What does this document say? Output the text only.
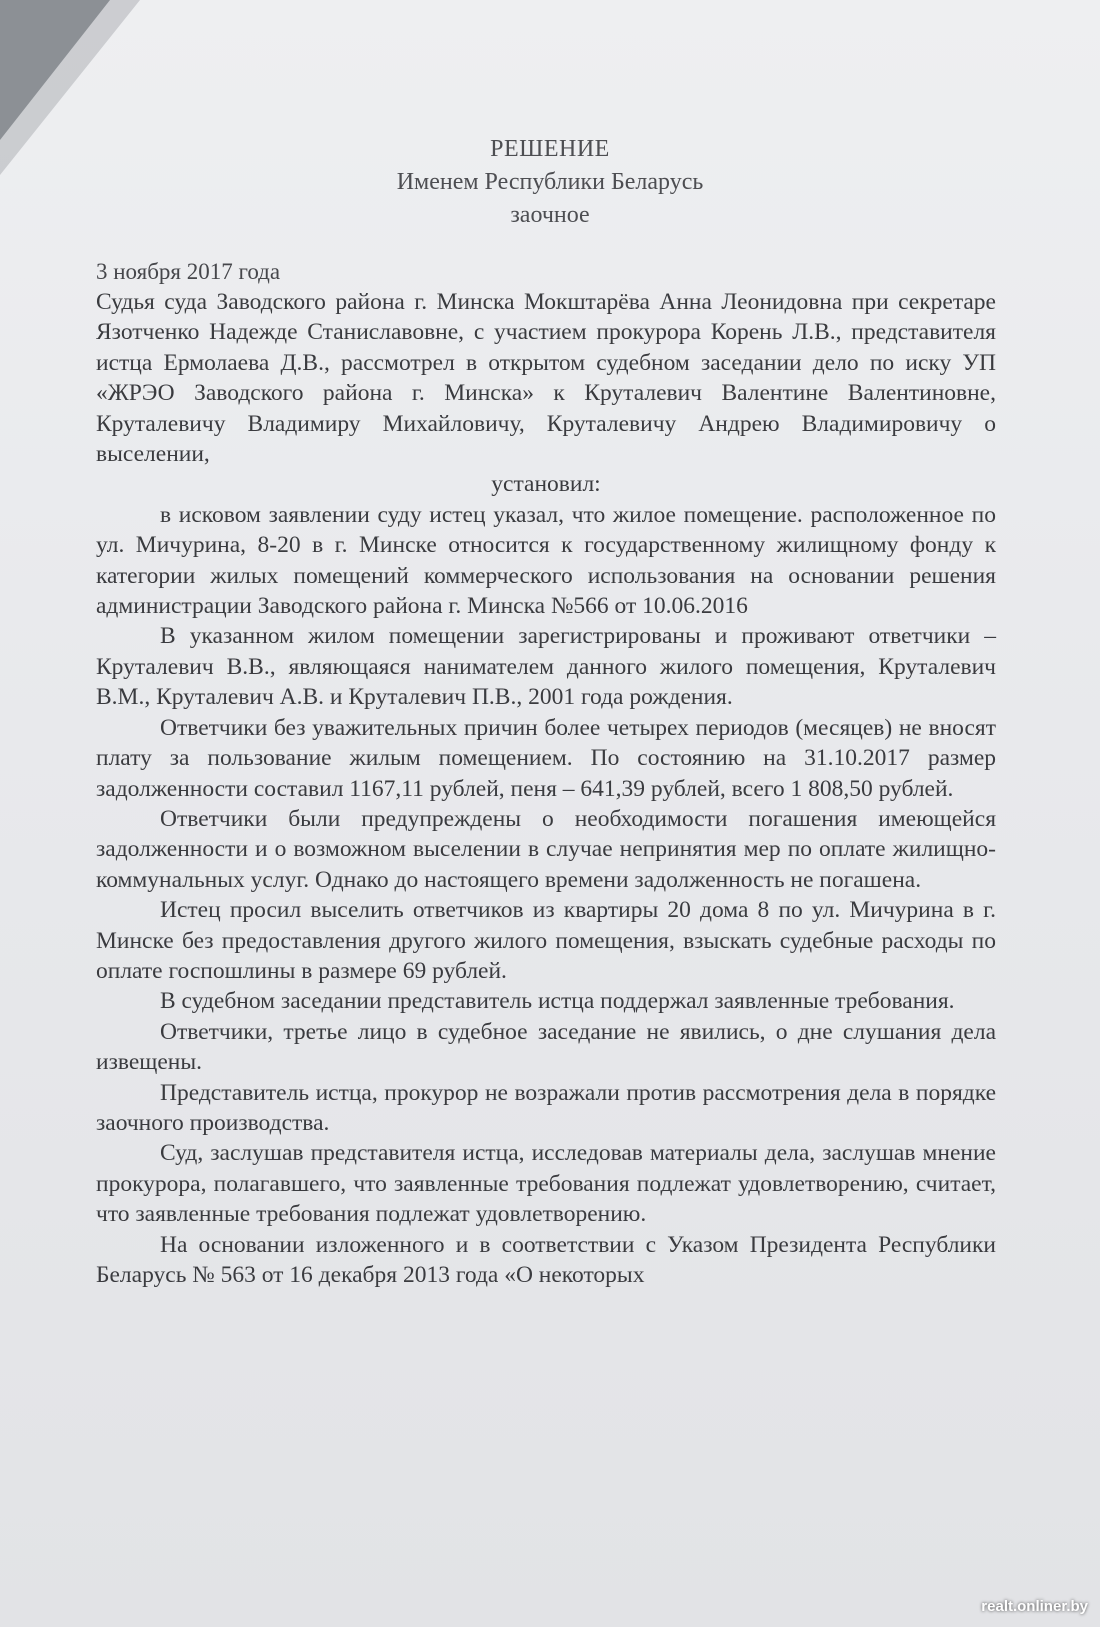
РЕШЕНИЕ
Именем Республики Беларусь
заочное
3 ноября 2017 года

Судья суда Заводского района г. Минска Мокштарёва Анна Леонидовна при секретаре Язотченко Надежде Станиславовне, с участием прокурора Корень Л.В., представителя истца Ермолаева Д.В., рассмотрел в открытом судебном заседании дело по иску УП «ЖРЭО Заводского района г. Минска» к Круталевич Валентине Валентиновне, Круталевичу Владимиру Михайловичу, Круталевичу Андрею Владимировичу о выселении,

установил:

в исковом заявлении суду истец указал, что жилое помещение. расположенное по ул. Мичурина, 8-20 в г. Минске относится к государственному жилищному фонду к категории жилых помещений коммерческого использования на основании решения администрации Заводского района г. Минска №566 от 10.06.2016

В указанном жилом помещении зарегистрированы и проживают ответчики – Круталевич В.В., являющаяся нанимателем данного жилого помещения, Круталевич В.М., Круталевич А.В. и Круталевич П.В., 2001 года рождения.

Ответчики без уважительных причин более четырех периодов (месяцев) не вносят плату за пользование жилым помещением. По состоянию на 31.10.2017 размер задолженности составил 1167,11 рублей, пеня – 641,39 рублей, всего 1 808,50 рублей.

Ответчики были предупреждены о необходимости погашения имеющейся задолженности и о возможном выселении в случае непринятия мер по оплате жилищно-коммунальных услуг. Однако до настоящего времени задолженность не погашена.

Истец просил выселить ответчиков из квартиры 20 дома 8 по ул. Мичурина в г. Минске без предоставления другого жилого помещения, взыскать судебные расходы по оплате госпошлины в размере 69 рублей.

В судебном заседании представитель истца поддержал заявленные требования.

Ответчики, третье лицо в судебное заседание не явились, о дне слушания дела извещены.

Представитель истца, прокурор не возражали против рассмотрения дела в порядке заочного производства.

Суд, заслушав представителя истца, исследовав материалы дела, заслушав мнение прокурора, полагавшего, что заявленные требования подлежат удовлетворению, считает, что заявленные требования подлежат удовлетворению.

На основании изложенного и в соответствии с Указом Президента Республики Беларусь № 563 от 16 декабря 2013 года «О некоторых

realt.onliner.by
